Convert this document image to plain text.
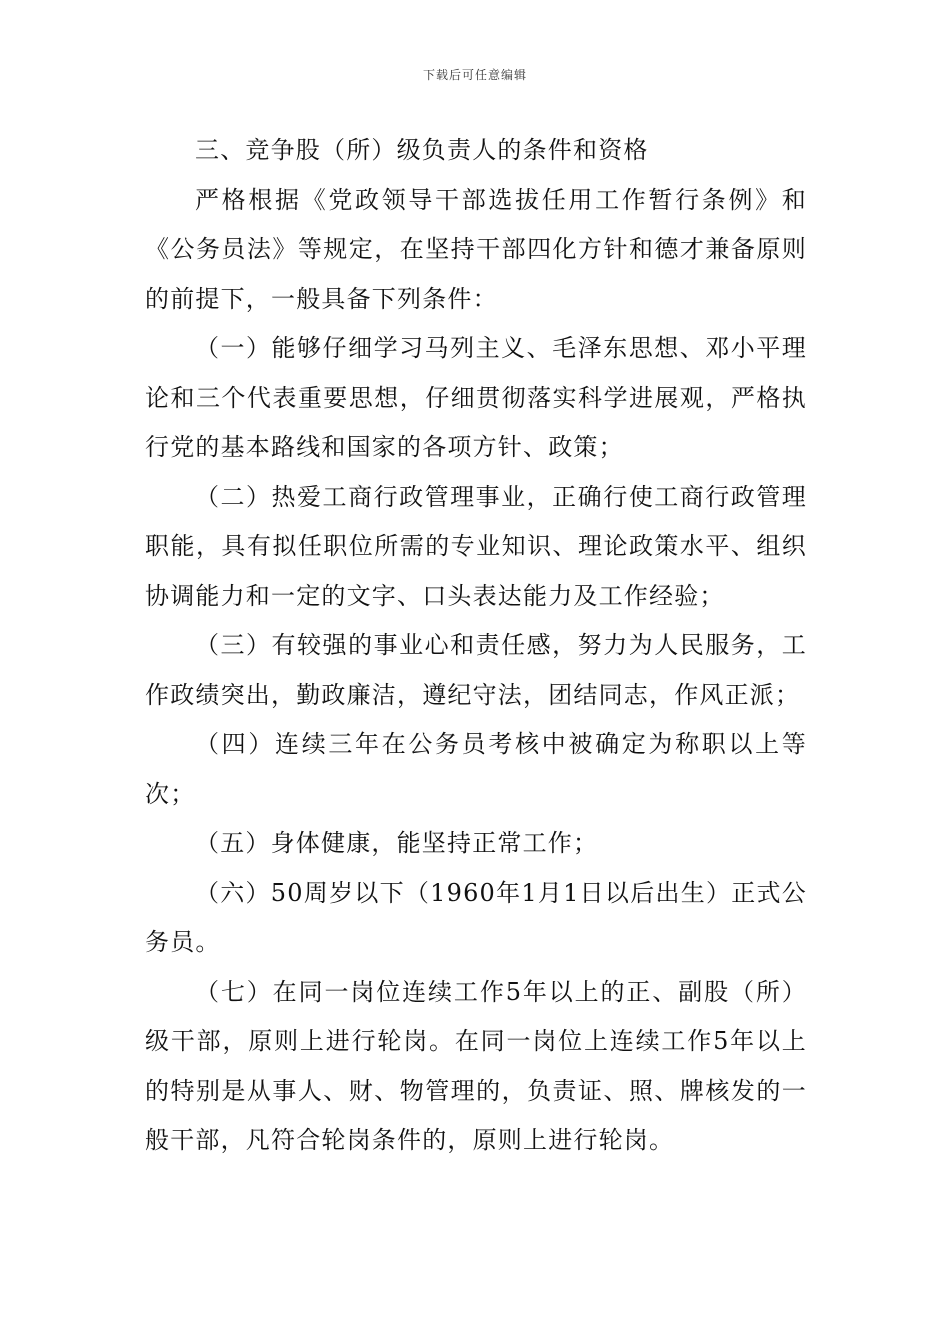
下载后可任意编辑

三、竞争股（所）级负责人的条件和资格

严格根据《党政领导干部选拔任用工作暂行条例》和《公务员法》等规定，在坚持干部四化方针和德才兼备原则的前提下，一般具备下列条件：

（一）能够仔细学习马列主义、毛泽东思想、邓小平理论和三个代表重要思想，仔细贯彻落实科学进展观，严格执行党的基本路线和国家的各项方针、政策；

（二）热爱工商行政管理事业，正确行使工商行政管理职能，具有拟任职位所需的专业知识、理论政策水平、组织协调能力和一定的文字、口头表达能力及工作经验；

（三）有较强的事业心和责任感，努力为人民服务，工作政绩突出，勤政廉洁，遵纪守法，团结同志，作风正派；

（四）连续三年在公务员考核中被确定为称职以上等次；

（五）身体健康，能坚持正常工作；

（六）50周岁以下（1960年1月1日以后出生）正式公务员。

（七）在同一岗位连续工作5年以上的正、副股（所）级干部，原则上进行轮岗。在同一岗位上连续工作5年以上的特别是从事人、财、物管理的，负责证、照、牌核发的一般干部，凡符合轮岗条件的，原则上进行轮岗。
